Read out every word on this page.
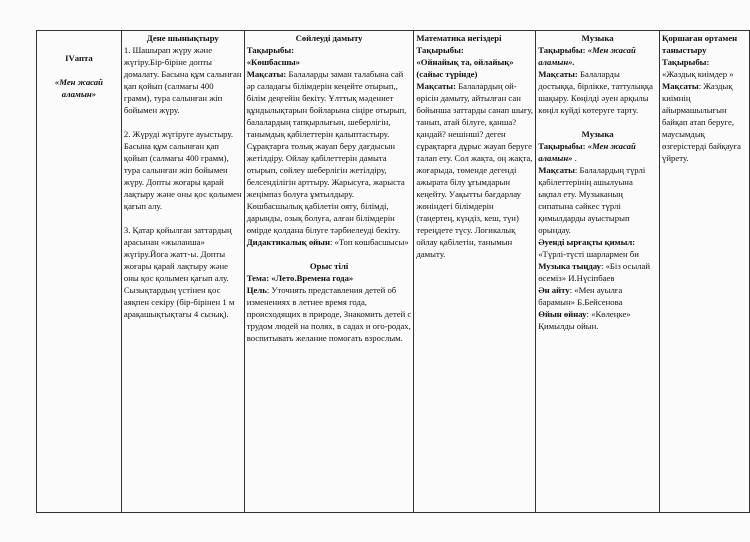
IVапта
«Мен жасай аламын»

Дене шынықтыру
1. Шашырап жүру және жүгіру.Бір-біріне допты домалату. Басына құм салынған қап қойып (салмағы 400 грамм), тура салынған жіп бойымен жүру.
2. Жүруді жүгіруге ауыстыру. Басына құм салынған қап қойып (салмағы 400 грамм), тура салынған жіп бойымен жүру. Допты жоғары қарай лақтыру және оны қос қолымен қағып алу.
3. Қатар қойылған заттардың арасынан «жыланша» жүгіру.Йога жатт-ы. Допты жоғары қарай лақтыру және оны қос қолымен қағып алу. Сызықтардың үстінен қос аяқпен секіру (бір-бірінен 1 м арақашықтықтағы 4 сызық).

Сөйлеудi дамыту
Тақырыбы:
«Көшбасшы»
Мақсаты: Балаларды заман талабына сай әр саладағы білімдерін кеңейте отырып,, білім деңгейін бекіту. Ұлттық мәдениет құндылықтарын бойларына сіңіре отырып, балалардың тапқырлығын, шеберлігін, танымдық қабілеттерін қалыптастыру. Сұрақтарға толық жауап беру дағдысын жетілдіру. Ойлау қабілеттерін дамыта отырып, сөйлеу шеберлігін жетілдіру, белсенділігін арттыру. Жарысуға, жарыста жеңімпаз болуға ұмтылдыру. Көшбасшылық қабілетін ояту, білімді, дарынды, озық болуға, алған білімдерін өмірде қолдана білуге тәрбиелеуді бекіту.
Дидактикалық ойын: «Топ көшбасшысы»
Орыс тілі
Тема: «Лето.Времена года»
Цель: Уточнять представления детей об изменениях в летнее время года, происходящих в природе, Знакомить детей с трудом людей на полях, в садах и ого-родах, воспитывать желание помогать взрослым.

Математика негіздері
Тақырыбы:
«Ойнайық та, ойлайық»
(сайыс түрінде)
Мақсаты: Балалардың ой-өрісін дамыту, айтылған сан бойынша заттарды санап шығу, танып, атай білуге, қанша? қандай? нешінші? деген сұрақтарға дұрыс жауап беруге талап ету. Сол жақта, оң жақта, жоғарыда, төменде дегенді ажырата білу ұғымдарын кеңейту. Уақытты бағдарлау жөніндегі білімдерін (таңертең, күндіз, кеш, түн) тереңдете түсу. Логикалық ойлау қабілетін, танымын дамыту.

Музыка
Тақырыбы: «Мен жасай аламын».
Мақсаты: Балаларды достыққа, бірлікке, таттулыққа шақыру. Көңілді әуен арқылы көңіл күйді көтеруге тарту.
Музыка
Тақырыбы: «Мен жасай аламын» .
Мақсаты: Балалардың түрлі қабілеттерінің ашылуына ықпал ету. Музыканың сипатына сәйкес түрлі қимылдарды ауыстырып орындау.
Әуенді ырғақты қимыл:
«Түрлі-түсті шарлармен би
Музыка тыңдау: «Біз осылай өсеміз» И.Нүсіпбаев
Ән айту: «Мен ауылға барамын» Б.Бейсенова
Өйын өйнау: «Көлеңке» Қимылды ойын.

Қоршаған ортамен таныстыру
Тақырыбы:
«Жаздық киімдер »
Мақсаты: Жаздық киімнің айырмашылығын байқап атап беруге, маусымдық өзгерістерді байқауға үйрету.
